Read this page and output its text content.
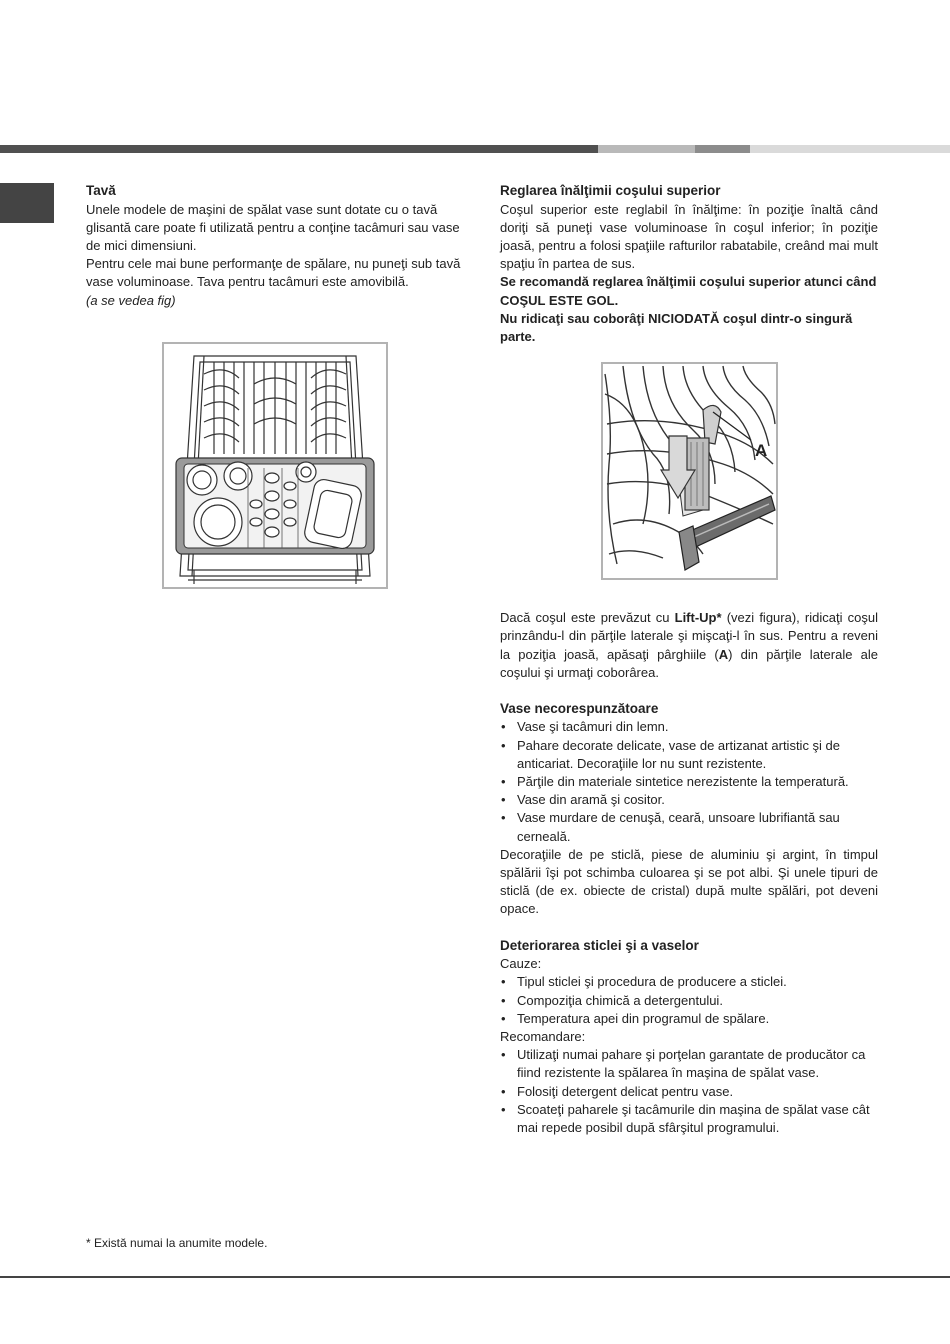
Tavă

Unele modele de maşini de spălat vase sunt dotate cu o tavă glisantă care poate fi utilizată pentru a conţine tacâmuri sau vase de mici dimensiuni.

Pentru cele mai bune performanţe de spălare, nu puneţi sub tavă vase voluminoase. Tava pentru tacâmuri este amovibilă.

(a se vedea fig)

Reglarea înălţimii coşului superior

Coşul superior este reglabil în înălţime: în poziţie înaltă când doriţi să puneţi vase voluminoase în coşul inferior; în poziţie joasă, pentru a folosi spaţiile rafturilor rabatabile, creând mai mult spaţiu în partea de sus.

Se recomandă reglarea înălţimii coşului superior atunci când COŞUL ESTE GOL.

Nu ridicaţi sau coborâţi NICIODATĂ coşul dintr-o singură parte.

Dacă coşul este prevăzut cu Lift-Up* (vezi figura), ridicaţi coşul prinzându-l din părţile laterale şi mişcaţi-l în sus. Pentru a reveni la poziţia joasă, apăsaţi pârghiile (A) din părţile laterale ale coşului şi urmaţi coborârea.

Vase necorespunzătoare
• Vase şi tacâmuri din lemn.
• Pahare decorate delicate, vase de artizanat artistic şi de anticariat. Decoraţiile lor nu sunt rezistente.
• Părţile din materiale sintetice nerezistente la temperatură.
• Vase din aramă şi cositor.
• Vase murdare de cenuşă, ceară, unsoare lubrifiantă sau cerneală.

Decoraţiile de pe sticlă, piese de aluminiu şi argint, în timpul spălării îşi pot schimba culoarea şi se pot albi. Şi unele tipuri de sticlă (de ex. obiecte de cristal) după multe spălări, pot deveni opace.

Deteriorarea sticlei şi a vaselor

Cauze:

• Tipul sticlei şi procedura de producere a sticlei.
• Compoziţia chimică a detergentului.
• Temperatura apei din programul de spălare.

Recomandare:

• Utilizaţi numai pahare şi porţelan garantate de producător ca fiind rezistente la spălarea în maşina de spălat vase.
• Folosiţi detergent delicat pentru vase.
• Scoateţi paharele şi tacâmurile din maşina de spălat vase cât mai repede posibil după sfârşitul programului.
A
* Există numai la anumite modele.
